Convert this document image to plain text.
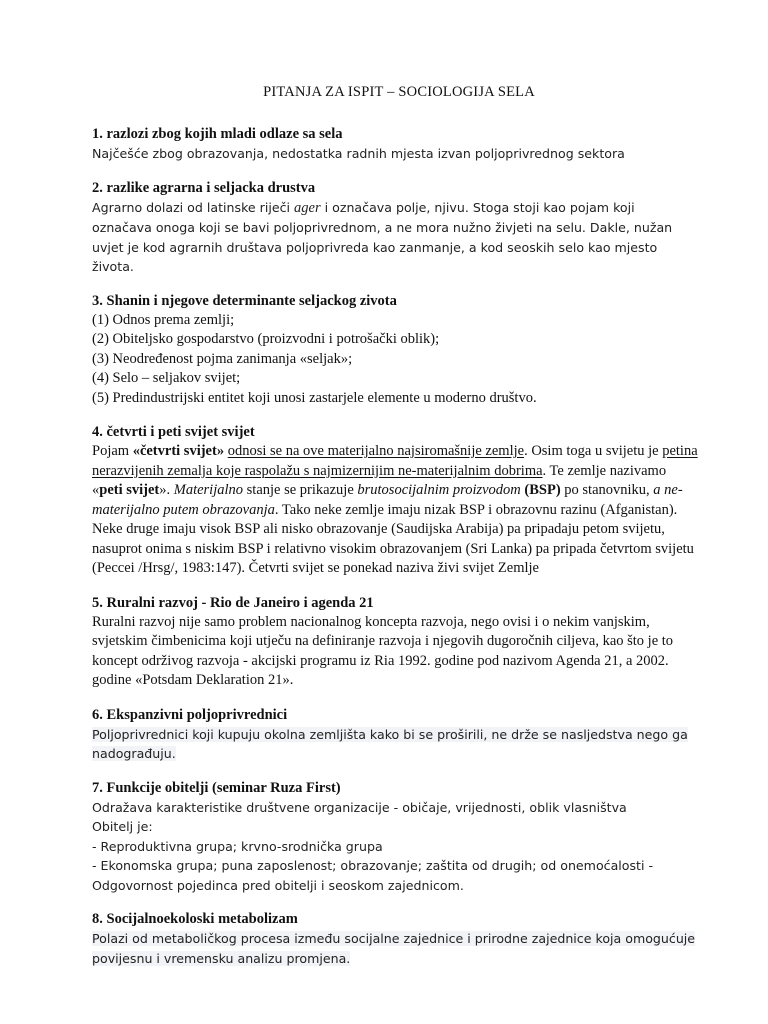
PITANJA ZA ISPIT – SOCIOLOGIJA SELA
1. razlozi zbog kojih mladi odlaze sa sela
Najčešće zbog obrazovanja, nedostatka radnih mjesta izvan poljoprivrednog sektora
2. razlike agrarna i seljacka drustva
Agrarno dolazi od latinske riječi ager i označava polje, njivu. Stoga stoji kao pojam koji označava onoga koji se bavi poljoprivrednom, a ne mora nužno živjeti na selu. Dakle, nužan uvjet je kod agrarnih društava poljoprivreda kao zanmanje, a kod seoskih selo kao mjesto života.
3. Shanin i njegove determinante seljackog zivota
(1) Odnos prema zemlji;
(2) Obiteljsko gospodarstvo (proizvodni i potrošački oblik);
(3) Neodređenost pojma zanimanja «seljak»;
(4) Selo – seljakov svijet;
(5) Predindustrijski entitet koji unosi zastarjele elemente u moderno društvo.
4. četvrti i peti svijet svijet
Pojam «četvrti svijet» odnosi se na ove materijalno najsiromašnije zemlje. Osim toga u svijetu je petina nerazvijenih zemalja koje raspolažu s najmizernijim ne-materijalnim dobrima. Te zemlje nazivamo «peti svijet». Materijalno stanje se prikazuje brutosocijalnim proizvodom (BSP) po stanovniku, a ne-materijalno putem obrazovanja. Tako neke zemlje imaju nizak BSP i obrazovnu razinu (Afganistan). Neke druge imaju visok BSP ali nisko obrazovanje (Saudijska Arabija) pa pripadaju petom svijetu, nasuprot onima s niskim BSP i relativno visokim obrazovanjem (Sri Lanka) pa pripada četvrtom svijetu (Peccei /Hrsg/, 1983:147). Četvrti svijet se ponekad naziva živi svijet Zemlje
5. Ruralni razvoj - Rio de Janeiro i agenda 21
Ruralni razvoj nije samo problem nacionalnog koncepta razvoja, nego ovisi i o nekim vanjskim, svjetskim čimbenicima koji utječu na definiranje razvoja i njegovih dugoročnih ciljeva, kao što je to koncept održivog razvoja - akcijski programu iz Ria 1992. godine pod nazivom Agenda 21, a 2002. godine «Potsdam Deklaration 21».
6. Ekspanzivni poljoprivrednici
Poljoprivrednici koji kupuju okolna zemljišta kako bi se proširili, ne drže se nasljedstva nego ga nadograđuju.
7. Funkcije obitelji (seminar Ruza First)
Odražava karakteristike društvene organizacije - običaje, vrijednosti, oblik vlasništva
Obitelj je:
- Reproduktivna grupa; krvno-srodnička grupa
- Ekonomska grupa; puna zaposlenost; obrazovanje; zaštita od drugih; od onemoćalosti -
Odgovornost pojedinca pred obitelji i seoskom zajednicom.
8. Socijalnoekoloski metabolizam
Polazi od metaboličkog procesa između socijalne zajednice i prirodne zajednice koja omogućuje povijesnu i vremensku analizu promjena.
